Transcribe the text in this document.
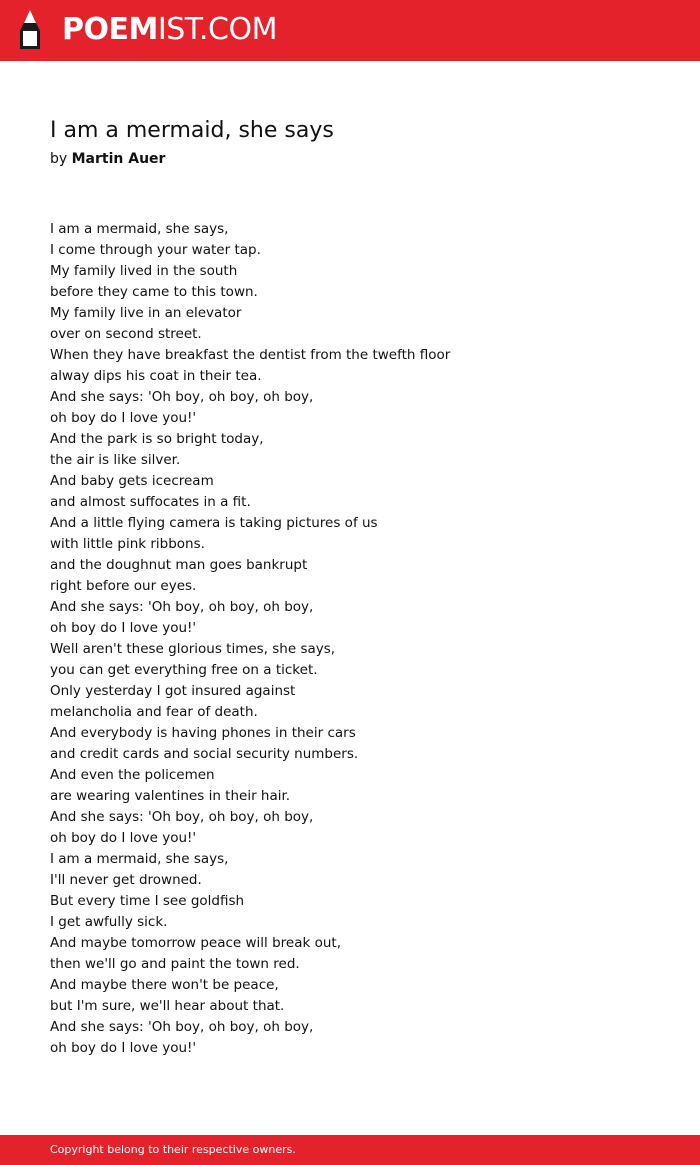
POEMIST.COM
I am a mermaid, she says
by Martin Auer
I am a mermaid, she says,
I come through your water tap.
My family lived in the south
before they came to this town.
My family live in an elevator
over on second street.
When they have breakfast the dentist from the twefth floor
alway dips his coat in their tea.
And she says: 'Oh boy, oh boy, oh boy,
oh boy do I love you!'
And the park is so bright today,
the air is like silver.
And baby gets icecream
and almost suffocates in a fit.
And a little flying camera is taking pictures of us
with little pink ribbons.
and the doughnut man goes bankrupt
right before our eyes.
And she says: 'Oh boy, oh boy, oh boy,
oh boy do I love you!'
Well aren't these glorious times, she says,
you can get everything free on a ticket.
Only yesterday I got insured against
melancholia and fear of death.
And everybody is having phones in their cars
and credit cards and social security numbers.
And even the policemen
are wearing valentines in their hair.
And she says: 'Oh boy, oh boy, oh boy,
oh boy do I love you!'
I am a mermaid, she says,
I'll never get drowned.
But every time I see goldfish
I get awfully sick.
And maybe tomorrow peace will break out,
then we'll go and paint the town red.
And maybe there won't be peace,
but I'm sure, we'll hear about that.
And she says: 'Oh boy, oh boy, oh boy,
oh boy do I love you!'
Copyright belong to their respective owners.
